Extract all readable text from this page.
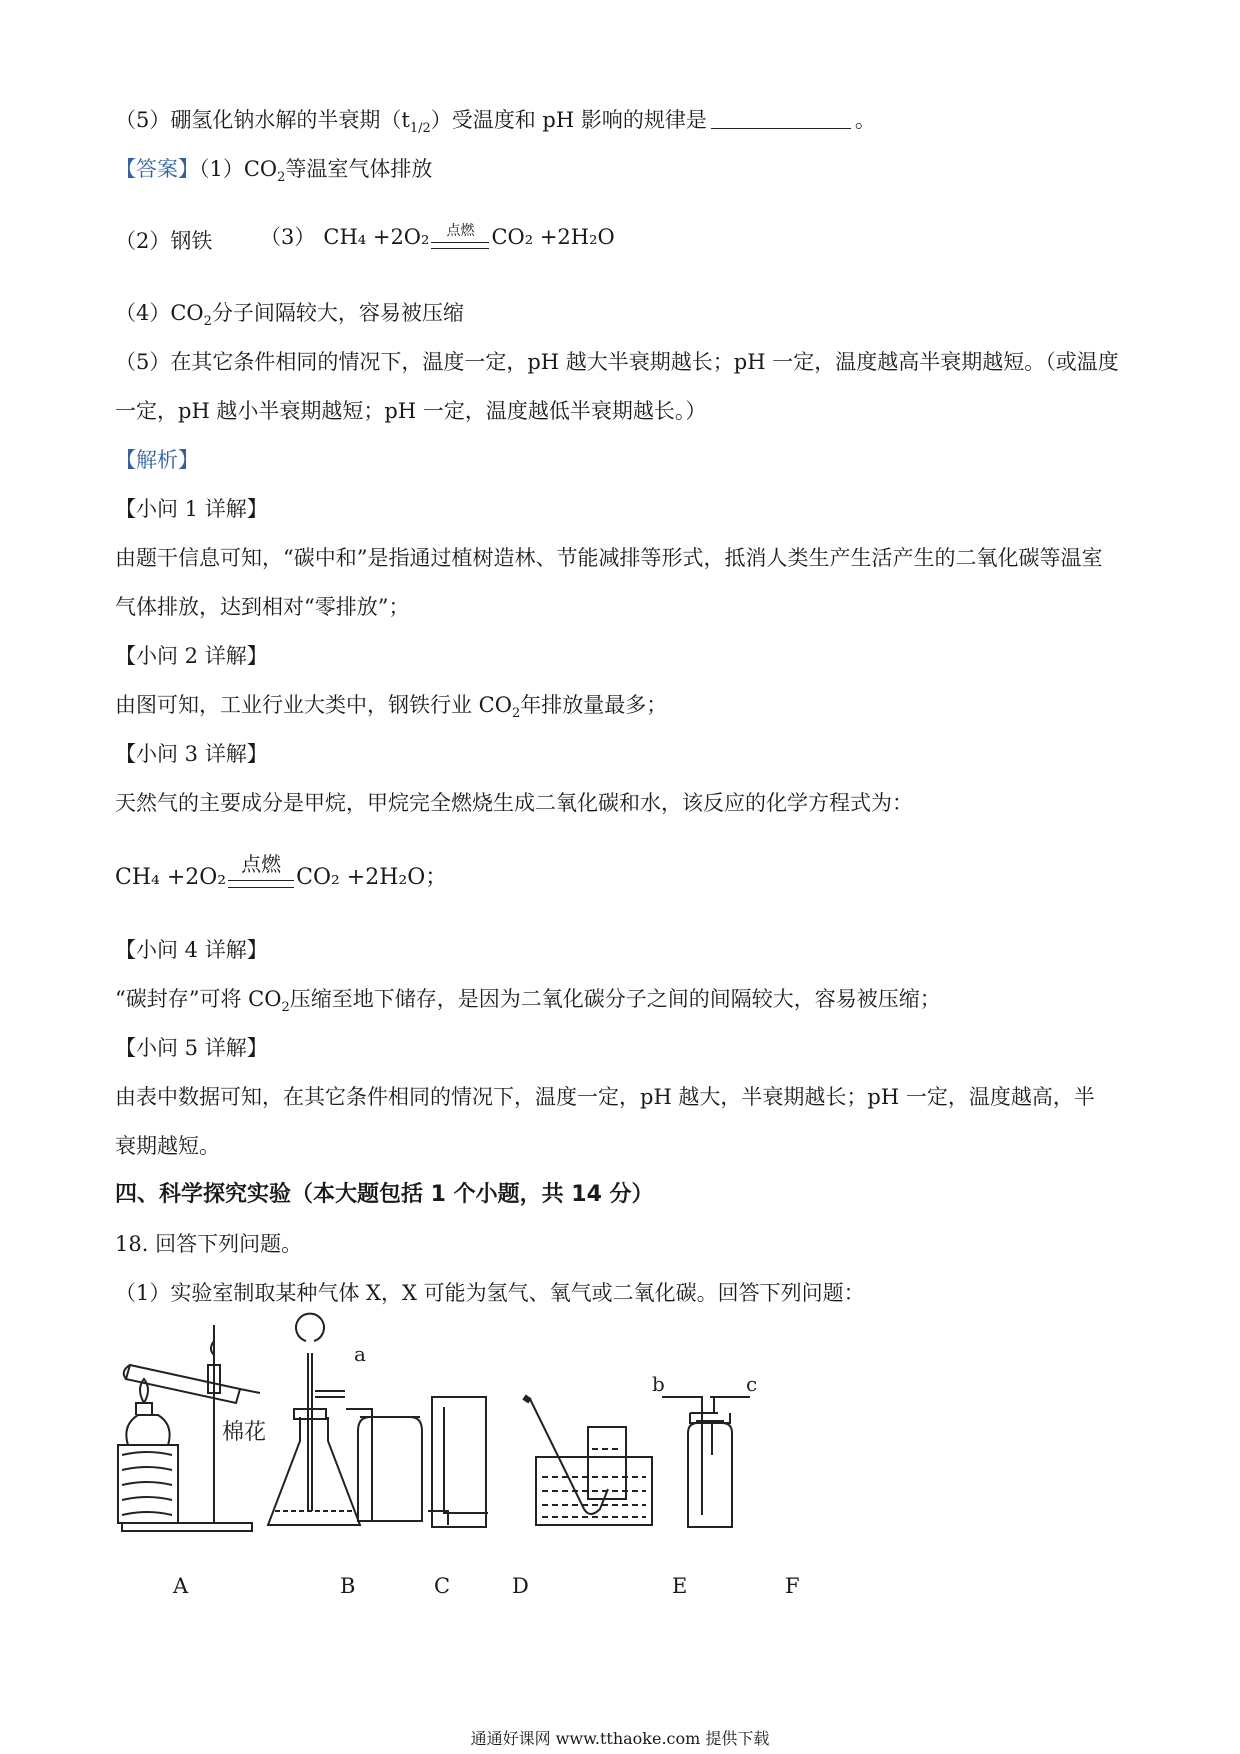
（5）硼氢化钠水解的半衰期$(t_{1/2})$受温度和 pH 影响的规律是	。
【答案】$(1)CO_2$等温室气体排放
（2）钢铁 （3） CH₄ +2O₂	点燃 CO₂ +2H₂O
$(4)CO_2$分子间隔较大，容易被压缩
（5）在其它条件相同的情况下，温度一定，pH 越大半衰期越长；pH 一定，温度越高半衰期越短。（或温度
一定，pH 越小半衰期越短；pH 一定，温度越低半衰期越长。）
【解析】
【小问 1 详解】
由题干信息可知，“碳中和”是指通过植树造林、节能减排等形式，抵消人类生产生活产生的二氧化碳等温室
气体排放，达到相对“零排放”；
【小问 2 详解】
由图可知，工业行业大类中，钢铁行业 $CO_2$年排放量最多；
【小问 3 详解】
天然气的主要成分是甲烷，甲烷完全燃烧生成二氧化碳和水，该反应的化学方程式为：
CH₄ +2O₂
点燃
CO₂ +2H₂O；
【小问 4 详解】
“碳封存”可将 $CO_2$压缩至地下储存，是因为二氧化碳分子之间的间隔较大，容易被压缩；
【小问 5 详解】
由表中数据可知，在其它条件相同的情况下，温度一定，pH 越大，半衰期越长；pH 一定，温度越高，半
衰期越短。
四、科学探究实验（本大题包括 1 个小题，共 14 分）
18. 回答下列问题。
（1）实验室制取某种气体 X，X 可能为氢气、氧气或二氧化碳。回答下列问题：
棉花
a
b	c
A	B	C	D	E	F
通通好课网 www.tthaoke.com 提供下载
